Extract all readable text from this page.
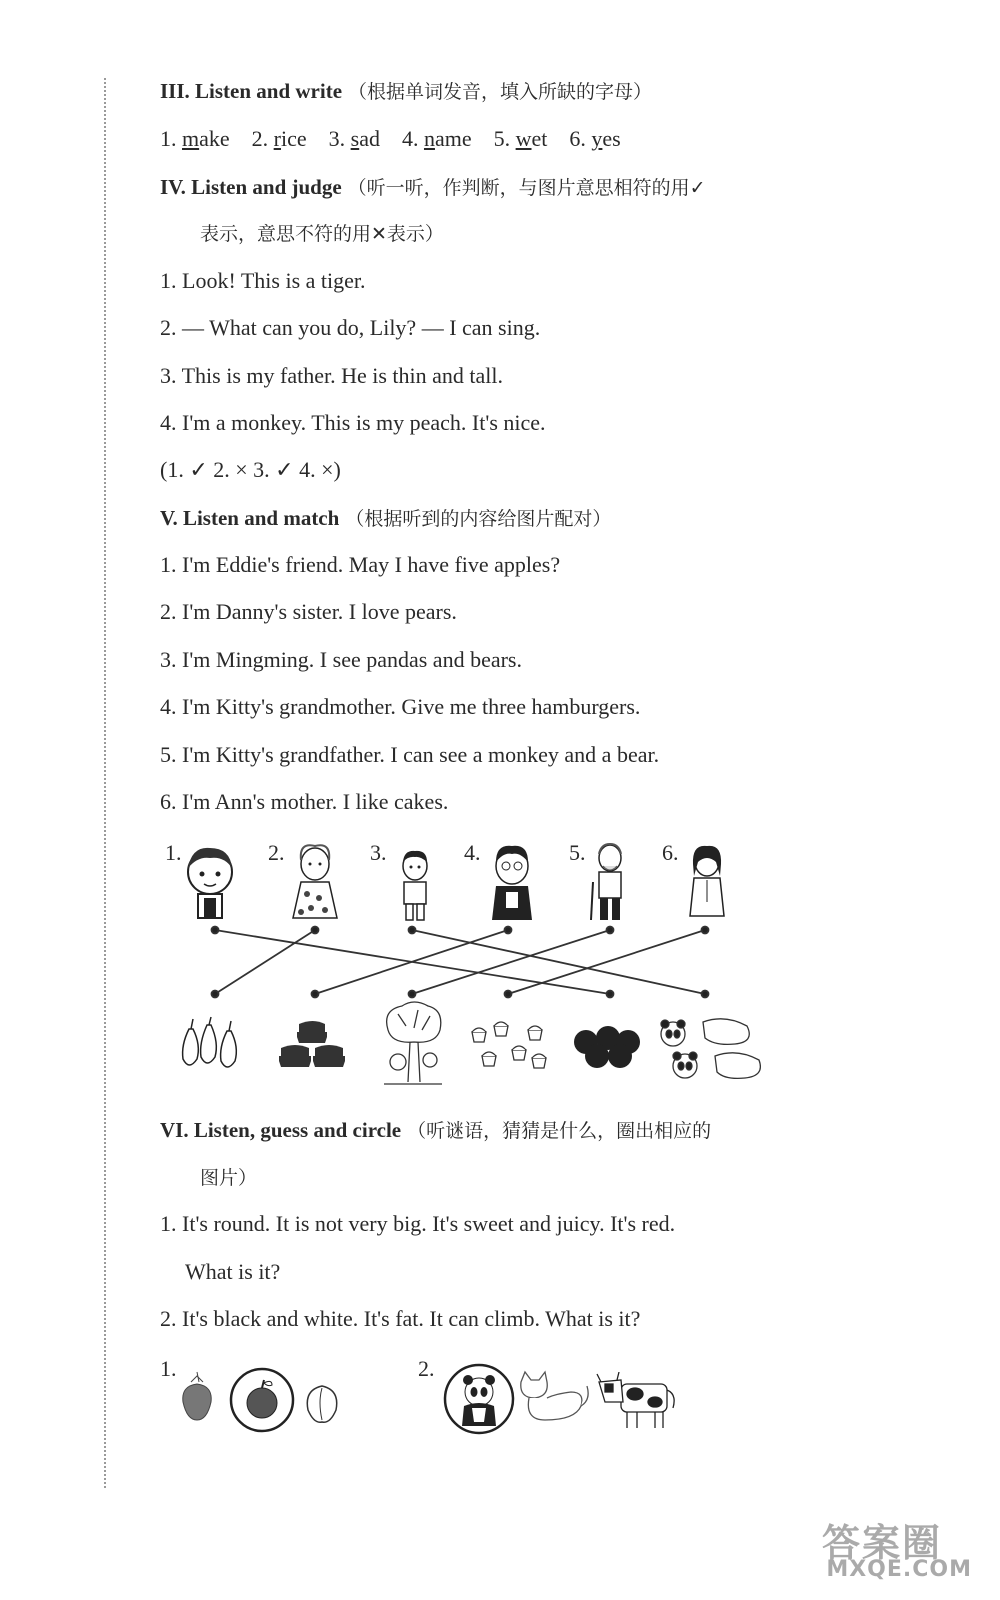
III. Listen and write （根据单词发音，填入所缺的字母）
1. make 2. rice 3. sad 4. name 5. wet 6. yes
IV. Listen and judge （听一听，作判断，与图片意思相符的用✓
表示，意思不符的用✕表示）
1. Look! This is a tiger.
2. — What can you do, Lily? — I can sing.
3. This is my father. He is thin and tall.
4. I'm a monkey. This is my peach. It's nice.
(1. ✓ 2. × 3. ✓ 4. ×)
V. Listen and match （根据听到的内容给图片配对）
1. I'm Eddie's friend. May I have five apples?
2. I'm Danny's sister. I love pears.
3. I'm Mingming. I see pandas and bears.
4. I'm Kitty's grandmother. Give me three hamburgers.
5. I'm Kitty's grandfather. I can see a monkey and a bear.
6. I'm Ann's mother. I like cakes.
1.	2.	3.	4.	5.	6.
VI. Listen, guess and circle （听谜语，猜猜是什么，圈出相应的
图片）
1. It's round. It is not very big. It's sweet and juicy. It's red.
What is it?
2. It's black and white. It's fat. It can climb. What is it?
1.	2.
答案圈
MXQE.COM
